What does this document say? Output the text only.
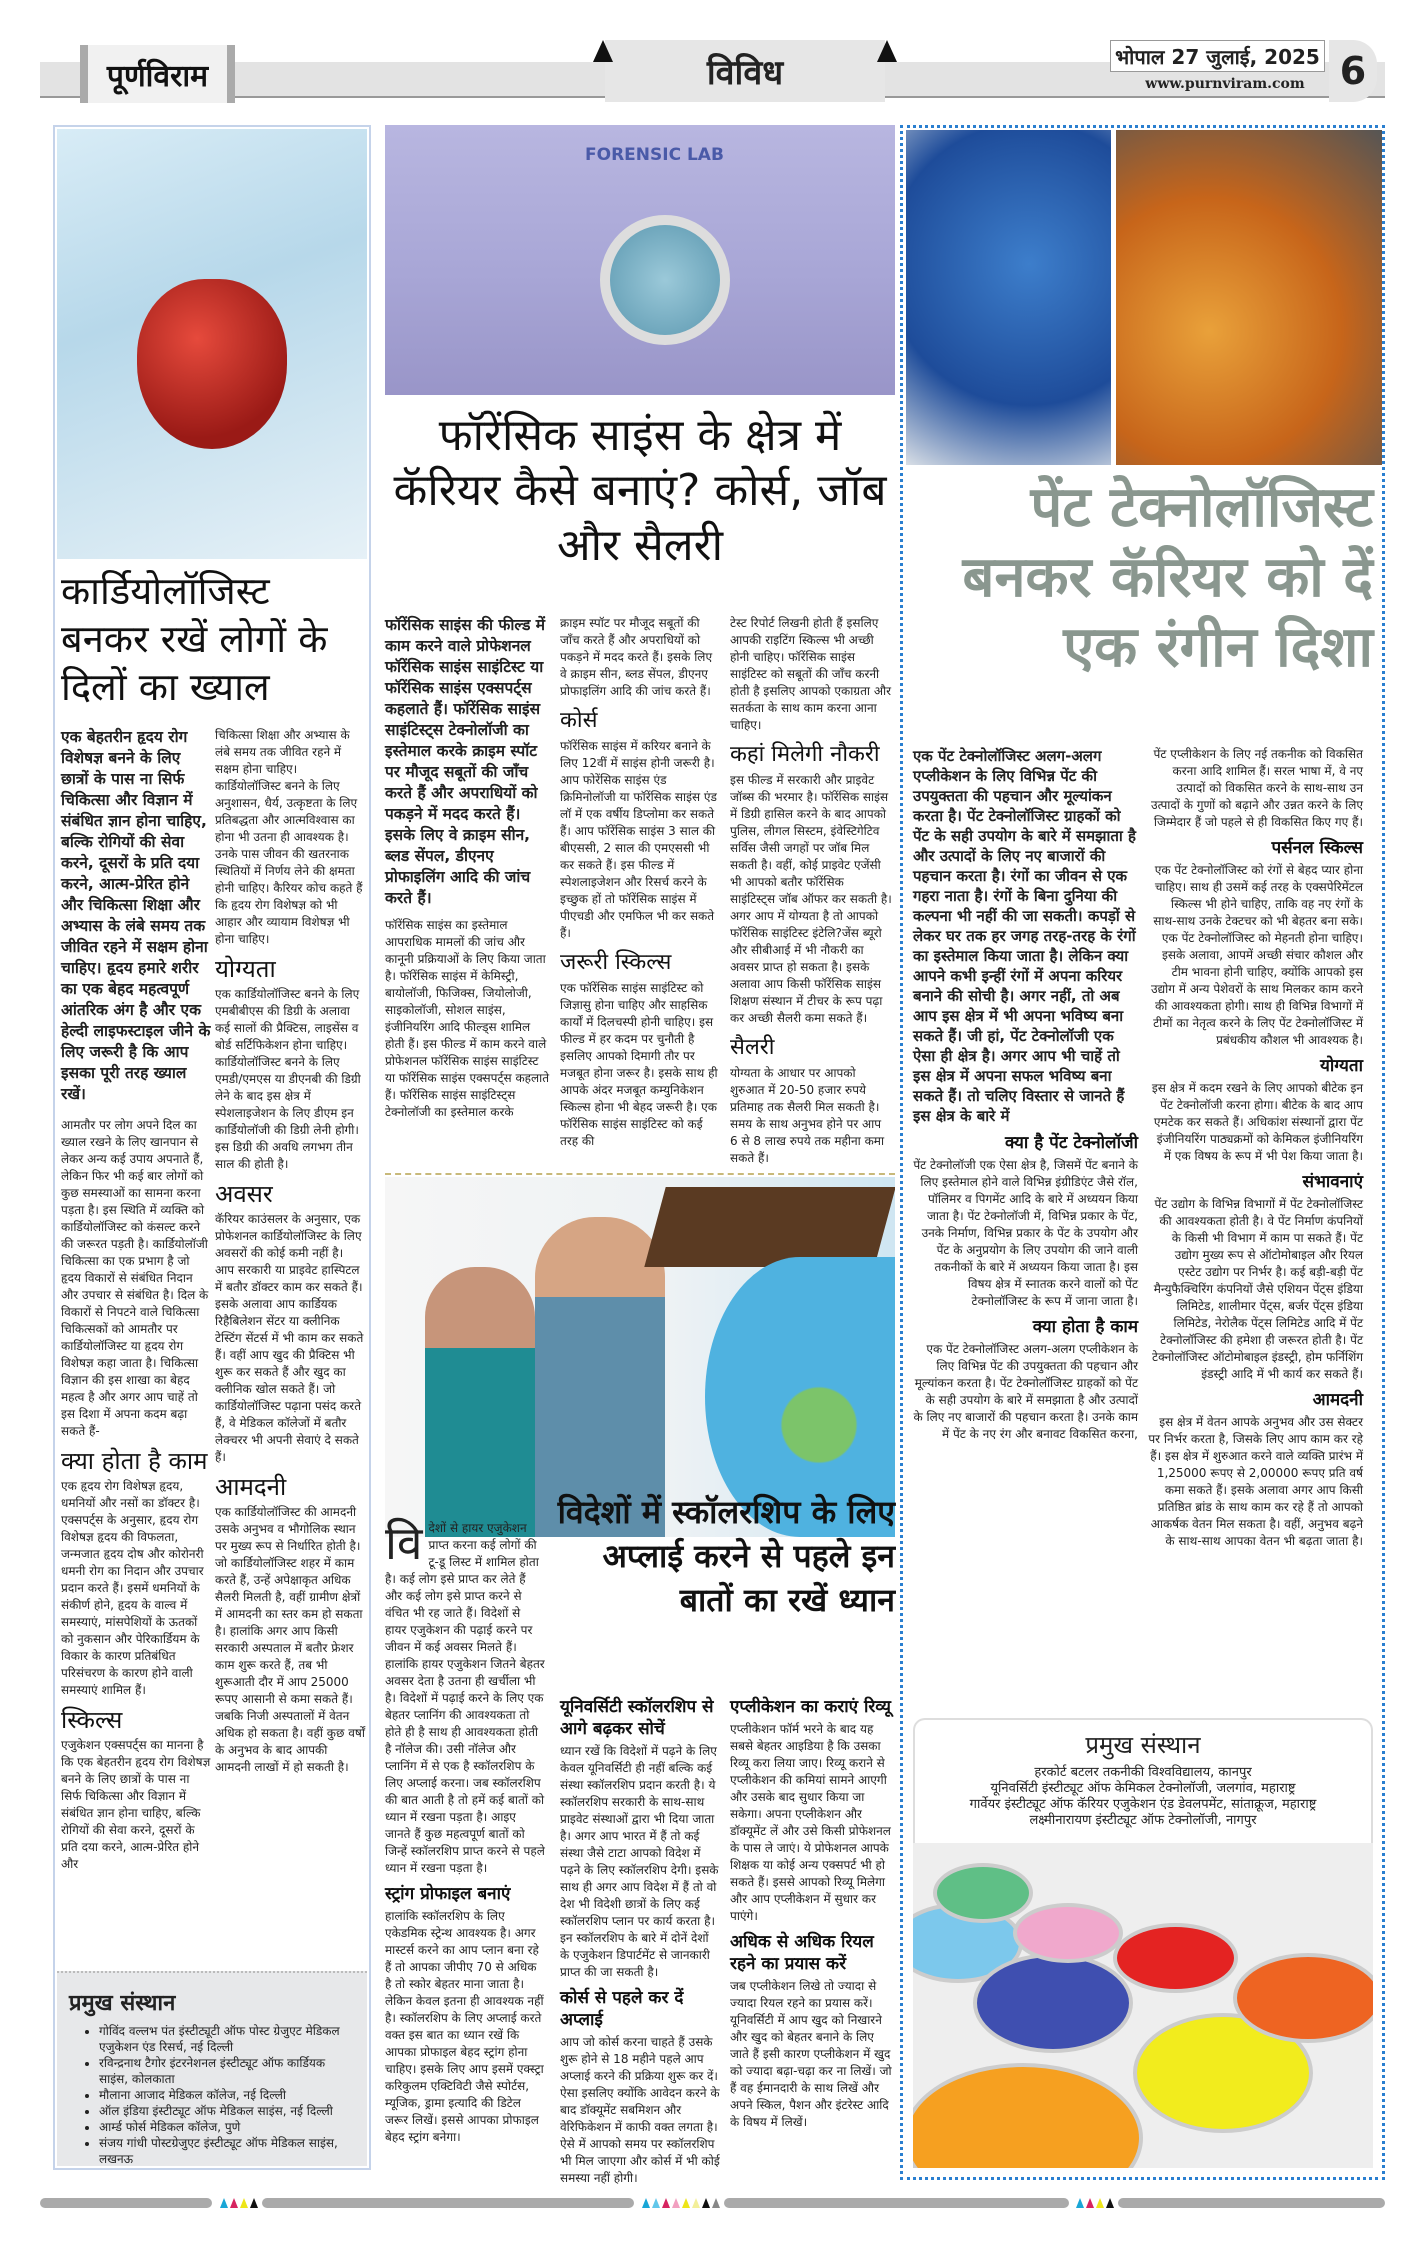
पूर्णविराम	विविध	भोपाल 27 जुलाई, 2025
www.purnviram.com 6
कार्डियोलॉजिस्ट बनकर रखें लोगों के दिलों का ख्याल

एक बेहतरीन हृदय रोग विशेषज्ञ बनने के लिए छात्रों के पास ना सिर्फ चिकित्सा और विज्ञान में संबंधित ज्ञान होना चाहिए, बल्कि रोगियों की सेवा करने, दूसरों के प्रति दया करने, आत्म-प्रेरित होने और चिकित्सा शिक्षा और अभ्यास के लंबे समय तक जीवित रहने में सक्षम होना चाहिए। हृदय हमारे शरीर का एक बेहद महत्वपूर्ण आंतरिक अंग है और एक हेल्दी लाइफस्टाइल जीने के लिए जरूरी है कि आप इसका पूरी तरह ख्याल रखें।

आमतौर पर लोग अपने दिल का ख्याल रखने के लिए खानपान से लेकर अन्य कई उपाय अपनाते हैं, लेकिन फिर भी कई बार लोगों को कुछ समस्याओं का सामना करना पड़ता है। इस स्थिति में व्यक्ति को कार्डियोलॉजिस्ट को कंसल्ट करने की जरूरत पड़ती है। कार्डियोलॉजी चिकित्सा का एक प्रभाग है जो हृदय विकारों से संबंधित निदान और उपचार से संबंधित है। दिल के विकारों से निपटने वाले चिकित्सा चिकित्सकों को आमतौर पर कार्डियोलॉजिस्ट या हृदय रोग विशेषज्ञ कहा जाता है। चिकित्सा विज्ञान की इस शाखा का बेहद महत्व है और अगर आप चाहें तो इस दिशा में अपना कदम बढ़ा सकते हैं-

क्या होता है काम

एक हृदय रोग विशेषज्ञ हृदय, धमनियों और नसों का डॉक्टर है। एक्सपर्ट्स के अनुसार, हृदय रोग विशेषज्ञ हृदय की विफलता, जन्मजात हृदय दोष और कोरोनरी धमनी रोग का निदान और उपचार प्रदान करते हैं। इसमें धमनियों के संकीर्ण होने, हृदय के वाल्व में समस्याएं, मांसपेशियों के ऊतकों को नुकसान और पेरिकार्डियम के विकार के कारण प्रतिबंधित परिसंचरण के कारण होने वाली समस्याएं शामिल हैं।

स्किल्स

एजुकेशन एक्सपर्ट्स का मानना है कि एक बेहतरीन हृदय रोग विशेषज्ञ बनने के लिए छात्रों के पास ना सिर्फ चिकित्सा और विज्ञान में संबंधित ज्ञान होना चाहिए, बल्कि रोगियों की सेवा करने, दूसरों के प्रति दया करने, आत्म-प्रेरित होने और

चिकित्सा शिक्षा और अभ्यास के लंबे समय तक जीवित रहने में सक्षम होना चाहिए। कार्डियोलॉजिस्ट बनने के लिए अनुशासन, धैर्य, उत्कृष्टता के लिए प्रतिबद्धता और आत्मविश्वास का होना भी उतना ही आवश्यक है। उनके पास जीवन की खतरनाक स्थितियों में निर्णय लेने की क्षमता होनी चाहिए। कैरियर कोच कहते हैं कि हृदय रोग विशेषज्ञ को भी आहार और व्यायाम विशेषज्ञ भी होना चाहिए।

योग्यता

एक कार्डियोलॉजिस्ट बनने के लिए एमबीबीएस की डिग्री के अलावा कई सालों की प्रैक्टिस, लाइसेंस व बोर्ड सर्टिफिकेशन होना चाहिए। कार्डियोलॉजिस्ट बनने के लिए एमडी/एमएस या डीएनबी की डिग्री लेने के बाद इस क्षेत्र में स्पेशलाइजेशन के लिए डीएम इन कार्डियोलॉजी की डिग्री लेनी होगी। इस डिग्री की अवधि लगभग तीन साल की होती है।

अवसर

कॅरियर काउंसलर के अनुसार, एक प्रोफेशनल कार्डियोलॉजिस्ट के लिए अवसरों की कोई कमी नहीं है। आप सरकारी या प्राइवेट हास्पिटल में बतौर डॉक्टर काम कर सकते हैं। इसके अलावा आप कार्डियक रिहैबिलेशन सेंटर या क्लीनिक टेस्टिंग सेंटर्स में भी काम कर सकते हैं। वहीं आप खुद की प्रैक्टिस भी शुरू कर सकते हैं और खुद का क्लीनिक खोल सकते हैं। जो कार्डियोलॉजिस्ट पढ़ाना पसंद करते हैं, वे मेडिकल कॉलेजों में बतौर लेक्चरर भी अपनी सेवाएं दे सकते हैं।

आमदनी

एक कार्डियोलॉजिस्ट की आमदनी उसके अनुभव व भौगोलिक स्थान पर मुख्य रूप से निर्धारित होती है। जो कार्डियोलॉजिस्ट शहर में काम करते हैं, उन्हें अपेक्षाकृत अधिक सैलरी मिलती है, वहीं ग्रामीण क्षेत्रों में आमदनी का स्तर कम हो सकता है। हालांकि अगर आप किसी सरकारी अस्पताल में बतौर फ्रेशर काम शुरू करते हैं, तब भी शुरूआती दौर में आप 25000 रूपए आसानी से कमा सकते हैं। जबकि निजी अस्पतालों में वेतन अधिक हो सकता है। वहीं कुछ वर्षों के अनुभव के बाद आपकी आमदनी लाखों में हो सकती है।

प्रमुख संस्थान
• गोविंद वल्लभ पंत इंस्टीट्यूटी ऑफ पोस्ट ग्रेजुएट मेडिकल एजुकेशन एंड रिसर्च, नई दिल्ली
• रविन्द्रनाथ टैगोर इंटरनेशनल इंस्टीट्यूट ऑफ कार्डियक साइंस, कोलकाता
• मौलाना आजाद मेडिकल कॉलेज, नई दिल्ली
• ऑल इंडिया इंस्टीट्यूट ऑफ मेडिकल साइंस, नई दिल्ली
• आर्म्ड फोर्स मेडिकल कॉलेज, पुणे
• संजय गांधी पोस्टग्रेजुएट इंस्टीट्यूट ऑफ मेडिकल साइंस, लखनऊ
FORENSIC LAB
फॉरेंसिक साइंस के क्षेत्र में कॅरियर कैसे बनाएं? कोर्स, जॉब और सैलरी

फॉरेंसिक साइंस की फील्ड में काम करने वाले प्रोफेशनल फॉरेंसिक साइंस साइंटिस्ट या फॉरेंसिक साइंस एक्सपर्ट्स कहलाते हैं। फॉरेंसिक साइंस साइंटिस्ट्स टेक्नोलॉजी का इस्तेमाल करके क्राइम स्पॉट पर मौजूद सबूतों की जाँच करते हैं और अपराधियों को पकड़ने में मदद करते हैं। इसके लिए वे क्राइम सीन, ब्लड सेंपल, डीएनए प्रोफाइलिंग आदि की जांच करते हैं।

फॉरेंसिक साइंस का इस्तेमाल आपराधिक मामलों की जांच और कानूनी प्रक्रियाओं के लिए किया जाता है। फॉरेंसिक साइंस में केमिस्ट्री, बायोलॉजी, फिजिक्स, जियोलोजी, साइकोलॉजी, सोशल साइंस, इंजीनियरिंग आदि फील्ड्स शामिल होती हैं। इस फील्ड में काम करने वाले प्रोफेशनल फॉरेंसिक साइंस साइंटिस्ट या फॉरेंसिक साइंस एक्सपर्ट्स कहलाते हैं। फॉरेंसिक साइंस साइंटिस्ट्स टेक्नोलॉजी का इस्तेमाल करके

क्राइम स्पॉट पर मौजूद सबूतों की जाँच करते हैं और अपराधियों को पकड़ने में मदद करते हैं। इसके लिए वे क्राइम सीन, ब्लड सेंपल, डीएनए प्रोफाइलिंग आदि की जांच करते हैं।

कोर्स

फॉरेंसिक साइंस में करियर बनाने के लिए 12वीं में साइंस होनी जरूरी है। आप फोरेंसिक साइंस एंड क्रिमिनोलॉजी या फॉरेंसिक साइंस एंड लॉ में एक वर्षीय डिप्लोमा कर सकते हैं। आप फॉरेंसिक साइंस 3 साल की बीएससी, 2 साल की एमएससी भी कर सकते हैं। इस फील्ड में स्पेशलाइजेशन और रिसर्च करने के इच्छुक हों तो फॉरेंसिक साइंस में पीएचडी और एमफिल भी कर सकते हैं।

जरूरी स्किल्स

एक फॉरेंसिक साइंस साइंटिस्ट को जिज्ञासु होना चाहिए और साहसिक कार्यों में दिलचस्पी होनी चाहिए। इस फील्ड में हर कदम पर चुनौती है इसलिए आपको दिमागी तौर पर मजबूत होना जरूर है। इसके साथ ही आपके अंदर मजबूत कम्युनिकेशन स्किल्स होना भी बेहद जरूरी है। एक फॉरेंसिक साइंस साइंटिस्ट को कई तरह की

टेस्ट रिपोर्ट लिखनी होती हैं इसलिए आपकी राइटिंग स्किल्स भी अच्छी होनी चाहिए। फॉरेंसिक साइंस साइंटिस्ट को सबूतों की जाँच करनी होती है इसलिए आपको एकाग्रता और सतर्कता के साथ काम करना आना चाहिए।

कहां मिलेगी नौकरी

इस फील्ड में सरकारी और प्राइवेट जॉब्स की भरमार है। फॉरेंसिक साइंस में डिग्री हासिल करने के बाद आपको पुलिस, लीगल सिस्टम, इंवेस्टिगेटिव सर्विस जैसी जगहों पर जॉब मिल सकती है। वहीं, कोई प्राइवेट एजेंसी भी आपको बतौर फॉरेंसिक साइंटिस्ट्स जॉब ऑफर कर सकती है। अगर आप में योग्यता है तो आपको फॉरेंसिक साइंटिस्ट इंटेलि?जेंस ब्यूरो और सीबीआई में भी नौकरी का अवसर प्राप्त हो सकता है। इसके अलावा आप किसी फॉरेंसिक साइंस शिक्षण संस्थान में टीचर के रूप पढ़ा कर अच्छी सैलरी कमा सकते हैं।

सैलरी

योग्यता के आधार पर आपको शुरुआत में 20-50 हजार रुपये प्रतिमाह तक सैलरी मिल सकती है। समय के साथ अनुभव होने पर आप 6 से 8 लाख रुपये तक महीना कमा सकते हैं।

विदेशों में स्कॉलरशिप के लिए अप्लाई करने से पहले इन बातों का रखें ध्यान
वि देशों से हायर एजुकेशन प्राप्त करना कई लोगों की टू-डू लिस्ट में शामिल होता है। कई लोग इसे प्राप्त कर लेते हैं और कई लोग इसे प्राप्त करने से वंचित भी रह जाते हैं। विदेशों से हायर एजुकेशन की पढ़ाई करने पर जीवन में कई अवसर मिलते हैं। हालांकि हायर एजुकेशन जितने बेहतर अवसर देता है उतना ही खर्चीला भी है। विदेशों में पढ़ाई करने के लिए एक बेहतर प्लानिंग की आवश्यकता तो होते ही है साथ ही आवश्यकता होती है नॉलेज की। उसी नॉलेज और प्लानिंग में से एक है स्कॉलरशिप के लिए अप्लाई करना। जब स्कॉलरशिप की बात आती है तो हमें कई बातों को ध्यान में रखना पड़ता है। आइए जानते हैं कुछ महत्वपूर्ण बातों को जिन्हें स्कॉलरशिप प्राप्त करने से पहले ध्यान में रखना पड़ता है।

स्ट्रांग प्रोफाइल बनाएं

हालांकि स्कॉलरशिप के लिए एकेडमिक स्ट्रेन्थ आवश्यक है। अगर मास्टर्स करने का आप प्लान बना रहे हैं तो आपका जीपीए 70 से अधिक है तो स्कोर बेहतर माना जाता है। लेकिन केवल इतना ही आवश्यक नहीं है। स्कॉलरशिप के लिए अप्लाई करते वक्त इस बात का ध्यान रखें कि आपका प्रोफाइल बेहद स्ट्रांग होना चाहिए। इसके लिए आप इसमें एक्स्ट्रा करिकुलम एक्टिविटी जैसे स्पोर्टस, म्यूजिक, ड्रामा इत्यादि की डिटेल जरूर लिखें। इससे आपका प्रोफाइल बेहद स्ट्रांग बनेगा।

यूनिवर्सिटी स्कॉलरशिप से आगे बढ़कर सोचें

ध्यान रखें कि विदेशों में पढ़ने के लिए केवल यूनिवर्सिटी ही नहीं बल्कि कई संस्था स्कॉलरशिप प्रदान करती है। ये स्कॉलरशिप सरकारी के साथ-साथ प्राइवेट संस्थाओं द्वारा भी दिया जाता है। अगर आप भारत में हैं तो कई संस्था जैसे टाटा आपको विदेश में पढ़ने के लिए स्कॉलरशिप देगी। इसके साथ ही अगर आप विदेश में हैं तो वो देश भी विदेशी छात्रों के लिए कई स्कॉलरशिप प्लान पर कार्य करता है। इन स्कॉलरशिप के बारे में दोनें देशों के एजुकेशन डिपार्टमेंट से जानकारी प्राप्त की जा सकती है।

कोर्स से पहले कर दें अप्लाई

आप जो कोर्स करना चाहते हैं उसके शुरू होने से 18 महीने पहले आप अप्लाई करने की प्रक्रिया शुरू कर दें। ऐसा इसलिए क्योंकि आवेदन करने के बाद डॉक्यूमेंट सबमिशन और वेरिफिकेशन में काफी वक्त लगता है। ऐसे में आपको समय पर स्कॉलरशिप भी मिल जाएगा और कोर्स में भी कोई समस्या नहीं होगी।

एप्लीकेशन का कराएं रिव्यू

एप्लीकेशन फॉर्म भरने के बाद यह सबसे बेहतर आइडिया है कि उसका रिव्यू करा लिया जाए। रिव्यू कराने से एप्लीकेशन की कमियां सामने आएगी और उसके बाद सुधार किया जा सकेगा। अपना एप्लीकेशन और डॉक्यूमेंट लें और उसे किसी प्रोफेशनल के पास ले जाएं। ये प्रोफेशनल आपके शिक्षक या कोई अन्य एक्सपर्ट भी हो सकते हैं। इससे आपको रिव्यू मिलेगा और आप एप्लीकेशन में सुधार कर पाएंगे।

अधिक से अधिक रियल रहने का प्रयास करें

जब एप्लीकेशन लिखे तो ज्यादा से ज्यादा रियल रहने का प्रयास करें। यूनिवर्सिटी में आप खुद को निखारने और खुद को बेहतर बनाने के लिए जाते हैं इसी कारण एप्लीकेशन में खुद को ज्यादा बढ़ा-चढ़ा कर ना लिखें। जो हैं वह ईमानदारी के साथ लिखें और अपने स्किल, पैशन और इंटरेस्ट आदि के विषय में लिखें।

पेंट टेक्नोलॉजिस्ट बनकर कॅरियर को दें एक रंगीन दिशा

एक पेंट टेक्नोलॉजिस्ट अलग-अलग एप्लीकेशन के लिए विभिन्न पेंट की उपयुक्तता की पहचान और मूल्यांकन करता है। पेंट टेक्नोलॉजिस्ट ग्राहकों को पेंट के सही उपयोग के बारे में समझाता है और उत्पादों के लिए नए बाजारों की पहचान करता है। रंगों का जीवन से एक गहरा नाता है। रंगों के बिना दुनिया की कल्पना भी नहीं की जा सकती। कपड़ों से लेकर घर तक हर जगह तरह-तरह के रंगों का इस्तेमाल किया जाता है। लेकिन क्या आपने कभी इन्हीं रंगों में अपना करियर बनाने की सोची है। अगर नहीं, तो अब आप इस क्षेत्र में भी अपना भविष्य बना सकते हैं। जी हां, पेंट टेक्नोलॉजी एक ऐसा ही क्षेत्र है। अगर आप भी चाहें तो इस क्षेत्र में अपना सफल भविष्य बना सकते हैं। तो चलिए विस्तार से जानते हैं इस क्षेत्र के बारे में

क्या है पेंट टेक्नोलॉजी

पेंट टेक्नोलॉजी एक ऐसा क्षेत्र है, जिसमें पेंट बनाने के लिए इस्तेमाल होने वाले विभिन्न इंग्रीडिएंट जैसे रॉल, पॉलिमर व पिगमेंट आदि के बारे में अध्ययन किया जाता है। पेंट टेक्नोलॉजी में, विभिन्न प्रकार के पेंट, उनके निर्माण, विभिन्न प्रकार के पेंट के उपयोग और पेंट के अनुप्रयोग के लिए उपयोग की जाने वाली तकनीकों के बारे में अध्ययन किया जाता है। इस विषय क्षेत्र में स्नातक करने वालों को पेंट टेक्नोलॉजिस्ट के रूप में जाना जाता है।

क्या होता है काम

एक पेंट टेक्नोलॉजिस्ट अलग-अलग एप्लीकेशन के लिए विभिन्न पेंट की उपयुक्तता की पहचान और मूल्यांकन करता है। पेंट टेक्नोलॉजिस्ट ग्राहकों को पेंट के सही उपयोग के बारे में समझाता है और उत्पादों के लिए नए बाजारों की पहचान करता है। उनके काम में पेंट के नए रंग और बनावट विकसित करना,

पेंट एप्लीकेशन के लिए नई तकनीक को विकसित करना आदि शामिल हैं। सरल भाषा में, वे नए उत्पादों को विकसित करने के साथ-साथ उन उत्पादों के गुणों को बढ़ाने और उन्नत करने के लिए जिम्मेदार हैं जो पहले से ही विकसित किए गए हैं।

पर्सनल स्किल्स

एक पेंट टेक्नोलॉजिस्ट को रंगों से बेहद प्यार होना चाहिए। साथ ही उसमें कई तरह के एक्सपेरिमेंटल स्किल्स भी होने चाहिए, ताकि वह नए रंगों के साथ-साथ उनके टेक्टचर को भी बेहतर बना सके। एक पेंट टेक्नोलॉजिस्ट को मेहनती होना चाहिए। इसके अलावा, आपमें अच्छी संचार कौशल और टीम भावना होनी चाहिए, क्योंकि आपको इस उद्योग में अन्य पेशेवरों के साथ मिलकर काम करने की आवश्यकता होगी। साथ ही विभिन्न विभागों में टीमों का नेतृत्व करने के लिए पेंट टेक्नोलॉजिस्ट में प्रबंधकीय कौशल भी आवश्यक है।

योग्यता

इस क्षेत्र में कदम रखने के लिए आपको बीटेक इन पेंट टेक्नोलॉजी करना होगा। बीटेक के बाद आप एमटेक कर सकते हैं। अधिकांश संस्थानों द्वारा पेंट इंजीनियरिंग पाठ्यक्रमों को केमिकल इंजीनियरिंग में एक विषय के रूप में भी पेश किया जाता है।

संभावनाएं

पेंट उद्योग के विभिन्न विभागों में पेंट टेक्नोलॉजिस्ट की आवश्यकता होती है। वे पेंट निर्माण कंपनियों के किसी भी विभाग में काम पा सकते हैं। पेंट उद्योग मुख्य रूप से ऑटोमोबाइल और रियल एस्टेट उद्योग पर निर्भर है। कई बड़ी-बड़ी पेंट मैन्युफैक्चिरिंग कंपनियों जैसे एशियन पेंट्स इंडिया लिमिटेड, शालीमार पेंट्स, बर्जर पेंट्स इंडिया लिमिटेड, नेरोलैक पेंट्स लिमिटेड आदि में पेंट टेक्नोलॉजिस्ट की हमेशा ही जरूरत होती है। पेंट टेक्नोलॉजिस्ट ऑटोमोबाइल इंडस्ट्री, होम फर्निशिंग इंडस्ट्री आदि में भी कार्य कर सकते हैं।

आमदनी

इस क्षेत्र में वेतन आपके अनुभव और उस सेक्टर पर निर्भर करता है, जिसके लिए आप काम कर रहे हैं। इस क्षेत्र में शुरुआत करने वाले व्यक्ति प्रारंभ में 1,25000 रूपए से 2,00000 रूपए प्रति वर्ष कमा सकते हैं। इसके अलावा अगर आप किसी प्रतिष्ठित ब्रांड के साथ काम कर रहे हैं तो आपको आकर्षक वेतन मिल सकता है। वहीं, अनुभव बढ़ने के साथ-साथ आपका वेतन भी बढ़ता जाता है।

प्रमुख संस्थान
हरकोर्ट बटलर तकनीकी विश्वविद्यालय, कानपुर
यूनिवर्सिटी इंस्टीट्यूट ऑफ केमिकल टेक्नोलॉजी, जलगांव, महाराष्ट्र
गार्वेयर इंस्टीट्यूट ऑफ कॅरियर एजुकेशन एंड डेवलपमेंट, सांताक्रूज, महाराष्ट्र
लक्ष्मीनारायण इंस्टीट्यूट ऑफ टेक्नोलॉजी, नागपुर
